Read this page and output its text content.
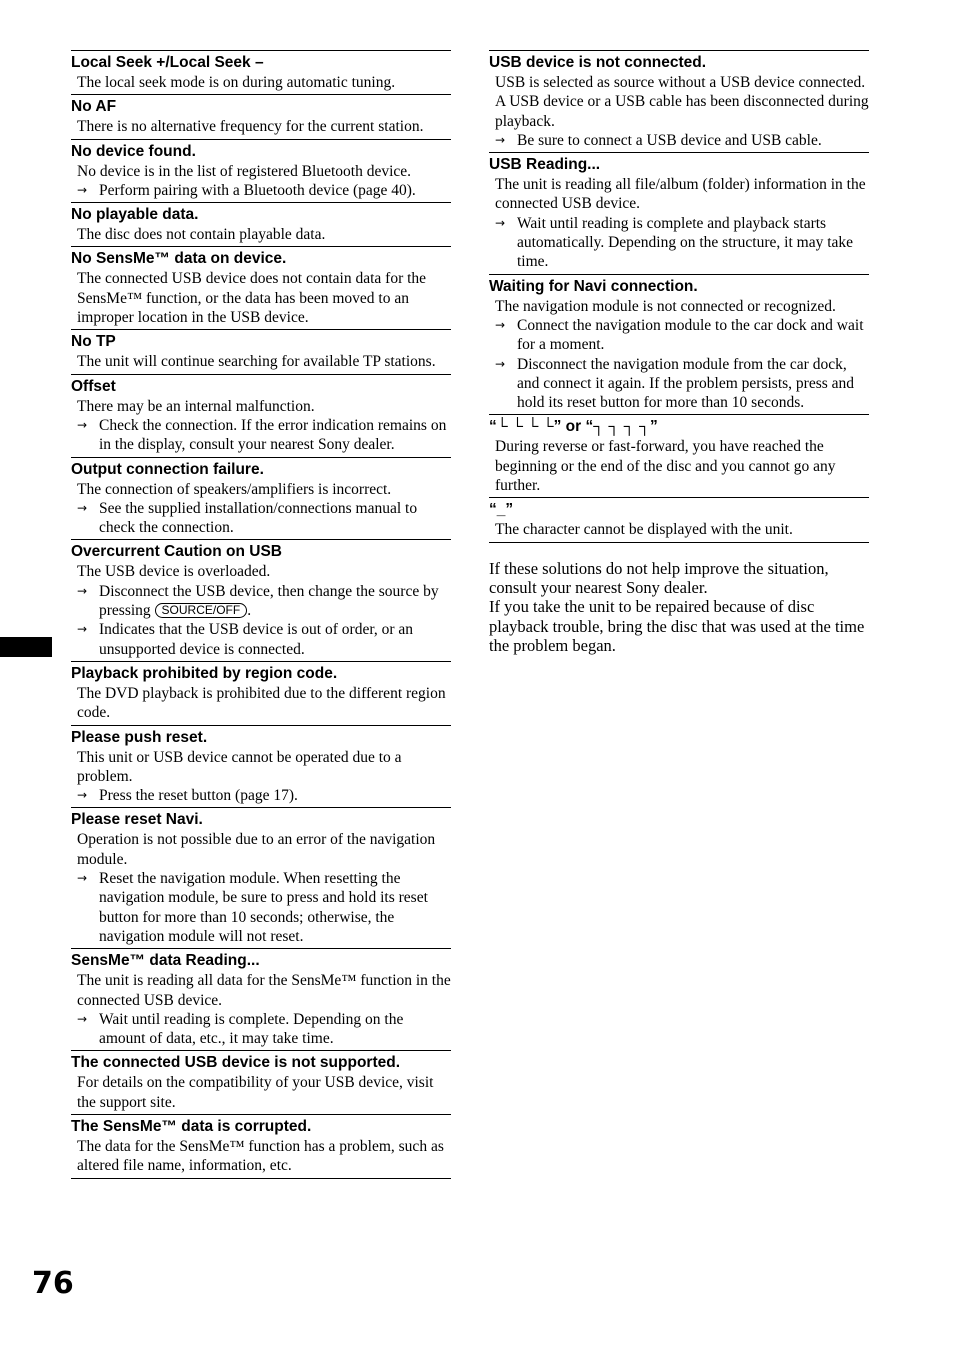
Local Seek +/Local Seek –
The local seek mode is on during automatic tuning.
No AF
There is no alternative frequency for the current station.
No device found.
No device is in the list of registered Bluetooth device.
→ Perform pairing with a Bluetooth device (page 40).
No playable data.
The disc does not contain playable data.
No SensMe™ data on device.
The connected USB device does not contain data for the SensMe™ function, or the data has been moved to an improper location in the USB device.
No TP
The unit will continue searching for available TP stations.
Offset
There may be an internal malfunction.
→ Check the connection. If the error indication remains on in the display, consult your nearest Sony dealer.
Output connection failure.
The connection of speakers/amplifiers is incorrect.
→ See the supplied installation/connections manual to check the connection.
Overcurrent Caution on USB
The USB device is overloaded.
→ Disconnect the USB device, then change the source by pressing SOURCE/OFF .
→ Indicates that the USB device is out of order, or an unsupported device is connected.
Playback prohibited by region code.
The DVD playback is prohibited due to the different region code.
Please push reset.
This unit or USB device cannot be operated due to a problem.
→ Press the reset button (page 17).
Please reset Navi.
Operation is not possible due to an error of the navigation module.
→ Reset the navigation module. When resetting the navigation module, be sure to press and hold its reset button for more than 10 seconds; otherwise, the navigation module will not reset.
SensMe™ data Reading...
The unit is reading all data for the SensMe™ function in the connected USB device.
→ Wait until reading is complete. Depending on the amount of data, etc., it may take time.
The connected USB device is not supported.
For details on the compatibility of your USB device, visit the support site.
The SensMe™ data is corrupted.
The data for the SensMe™ function has a problem, such as altered file name, information, etc.
USB device is not connected.
USB is selected as source without a USB device connected. A USB device or a USB cable has been disconnected during playback.
→ Be sure to connect a USB device and USB cable.
USB Reading...
The unit is reading all file/album (folder) information in the connected USB device.
→ Wait until reading is complete and playback starts automatically. Depending on the structure, it may take time.
Waiting for Navi connection.
The navigation module is not connected or recognized.
→ Connect the navigation module to the car dock and wait for a moment.
→ Disconnect the navigation module from the car dock, and connect it again. If the problem persists, press and hold its reset button for more than 10 seconds.
“└ └ └ └” or “┐ ┐ ┐ ┐”
During reverse or fast-forward, you have reached the beginning or the end of the disc and you cannot go any further.
“_”
The character cannot be displayed with the unit.
If these solutions do not help improve the situation, consult your nearest Sony dealer.
If you take the unit to be repaired because of disc playback trouble, bring the disc that was used at the time the problem began.
76
